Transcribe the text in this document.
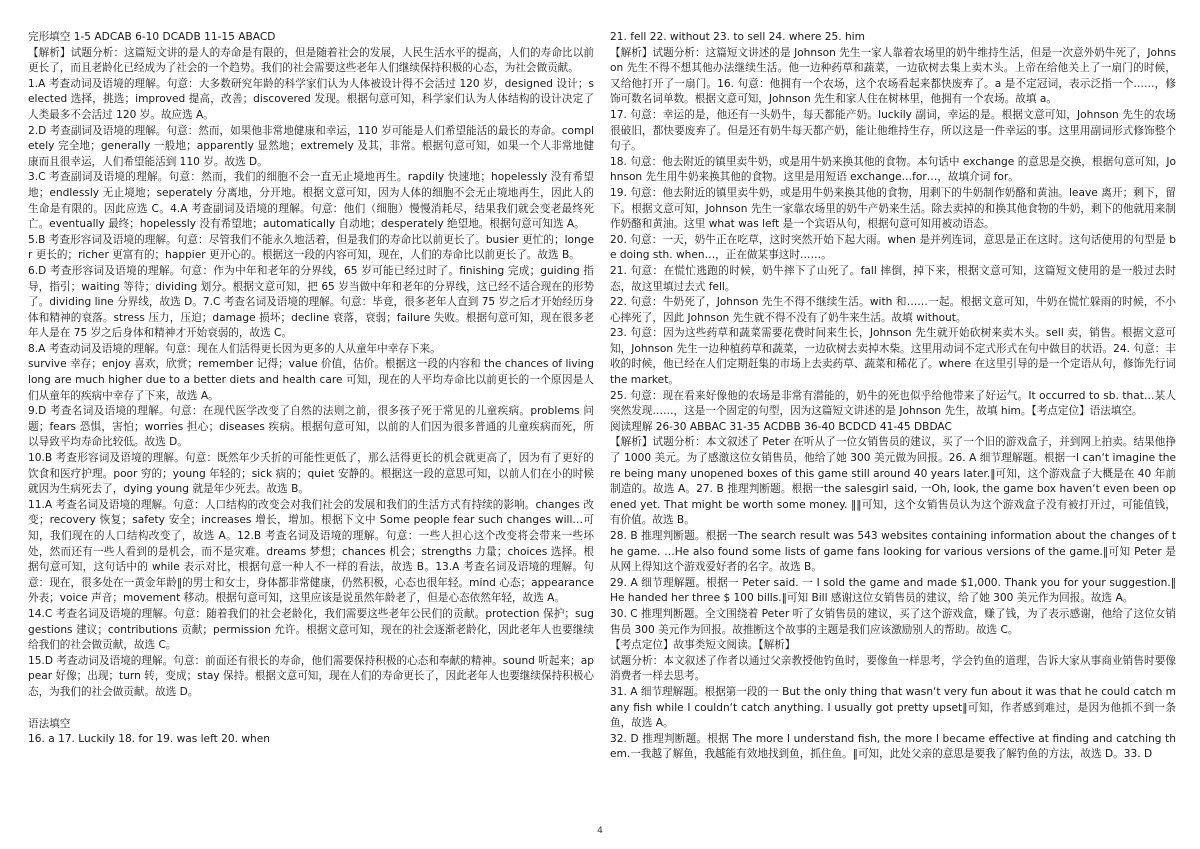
完形填空 1-5 ADCAB 6-10 DCADB 11-15 ABACD

【解析】试题分析：这篇短文讲的是人的寿命是有限的，但是随着社会的发展，人民生活水平的提高，人们的寿命比以前更长了，而且老龄化已经成为了社会的一个趋势。我们的社会需要这些老年人们继续保持积极的心态，为社会做贡献。

1.A 考查动词及语境的理解。句意：大多数研究年龄的科学家们认为人体被设计得不会活过 120 岁，designed 设计；selected 选择，挑选；improved 提高，改善；discovered 发现。根据句意可知，科学家们认为人体结构的设计决定了人类最多不会活过 120 岁。故应选 A。

2.D 考查副词及语境的理解。句意：然而，如果他非常地健康和幸运，110 岁可能是人们希望能活的最长的寿命。completely 完全地；generally 一般地；apparently 显然地；extremely 及其，非常。根据句意可知，如果一个人非常地健康而且很幸运，人们希望能活到 110 岁。故选 D。

3.C 考查副词及语境的理解。句意：然而，我们的细胞不会一直无止境地再生。rapdily 快速地；hopelessly 没有希望地；endlessly 无止境地；seperately 分离地，分开地。根据文意可知，因为人体的细胞不会无止境地再生，因此人的生命是有限的。因此应选 C。4.A 考查副词及语境的理解。句意：他们（细胞）慢慢消耗尽，结果我们就会变老最终死亡。eventually 最终；hopelessly 没有希望地；automatically 自动地；desperately 绝望地。根据句意可知选 A。

5.B 考查形容词及语境的理解。句意：尽管我们不能永久地活着，但是我们的寿命比以前更长了。busier 更忙的；longer 更长的；richer 更富有的；happier 更开心的。根据这一段的内容可知，现在，人们的寿命比以前更长了。故选 B。

6.D 考查形容词及语境的理解。句意：作为中年和老年的分界线，65 岁可能已经过时了。finishing 完成；guiding 指导，指引；waiting 等待；dividing 划分。根据文意可知，把 65 岁当做中年和老年的分界线，这已经不适合现在的形势了。dividing line 分界线，故选 D。7.C 考查名词及语境的理解。句意：毕竟，很多老年人直到 75 岁之后才开始经历身体和精神的衰落。stress 压力，压迫；damage 损坏；decline 衰落，衰弱；failure 失败。根据句意可知，现在很多老年人是在 75 岁之后身体和精神才开始衰弱的，故选 C。

8.A 考查动词及语境的理解。句意：现在人们活得更长因为更多的人从童年中幸存下来。

survive 幸存；enjoy 喜欢，欣赏；remember 记得；value 价值，估价。根据这一段的内容和 the chances of living long are much higher due to a better diets and health care 可知，现在的人平均寿命比以前更长的一个原因是人们从童年的疾病中幸存了下来，故选 A。

9.D 考查名词及语境的理解。句意：在现代医学改变了自然的法则之前，很多孩子死于常见的儿童疾病。problems 问题；fears 恐惧，害怕；worries 担心；diseases 疾病。根据句意可知，以前的人们因为很多普通的儿童疾病而死，所以导致平均寿命比较低。故选 D。

10.B 考查形容词及语境的理解。句意：既然年少夭折的可能性更低了，那么活得更长的机会就更高了，因为有了更好的饮食和医疗护理。poor 穷的；young 年轻的；sick 病的；quiet 安静的。根据这一段的意思可知，以前人们在小的时候就因为生病死去了，dying young 就是年少死去。故选 B。

11.A 考查名词及语境的理解。句意：人口结构的改变会对我们社会的发展和我们的生活方式有持续的影响。changes 改变；recovery 恢复；safety 安全；increases 增长，增加。根据下文中 Some people fear such changes will…可知，我们现在的人口结构改变了，故选 A。12.B 考查名词及语境的理解。句意：一些人担心这个改变将会带来一些坏处，然而还有一些人看到的是机会，而不是灾难。dreams 梦想；chances 机会；strengths 力量；choices 选择。根据句意可知，这句话中的 while 表示对比，根据句意一种人不一样的看法，故选 B。13.A 考查名词及语境的理解。句意：现在，很多处在一黄金年龄‖的男士和女士，身体都非常健康，仍然积极，心态也很年轻。mind 心态；appearance 外表；voice 声音；movement 移动。根据句意可知，这里应该是说虽然年龄老了，但是心态依然年轻，故选 A。

14.C 考查名词及语境的理解。句意：随着我们的社会老龄化，我们需要这些老年公民们的贡献。protection 保护；suggestions 建议；contributions 贡献；permission 允许。根据文意可知，现在的社会逐渐老龄化，因此老年人也要继续给我们的社会做贡献，故选 C。

15.D 考查动词及语境的理解。句意：前面还有很长的寿命，他们需要保持积极的心态和奉献的精神。sound 听起来；appear 好像；出现；turn 转，变成；stay 保持。根据文意可知，现在人们的寿命更长了，因此老年人也要继续保持积极心态，为我们的社会做贡献。故选 D。

语法填空

16. a 17. Luckily 18. for 19. was left 20. when

21. fell 22. without 23. to sell 24. where 25. him

【解析】试题分析：这篇短文讲述的是 Johnson 先生一家人靠着农场里的奶牛维持生活，但是一次意外奶牛死了，Johnson 先生不得不想其他办法继续生活。他一边种药草和蔬菜，一边砍树去集上卖木头。上帝在给他关上了一扇门的时候，又给他打开了一扇门。16. 句意：他拥有一个农场，这个农场看起来都快废弃了。a 是不定冠词，表示泛指一个……，修饰可数名词单数。根据文意可知，Johnson 先生和家人住在树林里，他拥有一个农场。故填 a。

17. 句意：幸运的是，他还有一头奶牛，每天都能产奶。luckily 副词，幸运的是。根据文意可知，Johnson 先生的农场很破旧，都快要废弃了。但是还有奶牛每天都产奶，能让他维持生存，所以这是一件幸运的事。这里用副词形式修饰整个句子。

18. 句意：他去附近的镇里卖牛奶，或是用牛奶来换其他的食物。本句话中 exchange 的意思是交换，根据句意可知，Johnson 先生用牛奶来换其他的食物。这里是用短语 exchange…for…，故填介词 for。

19. 句意：他去附近的镇里卖牛奶，或是用牛奶来换其他的食物，用剩下的牛奶制作奶酪和黄油。leave 离开；剩下，留下。根据文意可知，Johnson 先生一家靠农场里的奶牛产奶来生活。除去卖掉的和换其他食物的牛奶，剩下的他就用来制作奶酪和黄油。这里 what was left 是一个宾语从句，根据句意可知用被动语态。

20. 句意：一天，奶牛正在吃草，这时突然开始下起大雨。when 是并列连词，意思是正在这时。这句话使用的句型是 be doing sth. when…，正在做某事这时……。

21. 句意：在慌忙逃跑的时候，奶牛摔下了山死了。fall 摔倒，掉下来，根据文意可知，这篇短文使用的是一般过去时态，故这里填过去式 fell。

22. 句意：牛奶死了，Johnson 先生不得不继续生活。with 和……一起。根据文意可知，牛奶在慌忙躲雨的时候，不小心摔死了，因此 Johnson 先生就不得不没有了奶牛来生活。故填 without。

23. 句意：因为这些药草和蔬菜需要花费时间来生长，Johnson 先生就开始砍树来卖木头。sell 卖，销售。根据文意可知，Johnson 先生一边种植药草和蔬菜，一边砍树去卖掉木柴。这里用动词不定式形式在句中做目的状语。24. 句意：丰收的时候，他已经在人们定期赶集的市场上去卖药草、蔬菜和稀花了。where 在这里引导的是一个定语从句，修饰先行词 the market。

25. 句意：现在看来好像他的农场是非常有潜能的，奶牛的死也似乎给他带来了好运气。It occurred to sb. that…某人突然发现……，这是一个固定的句型，因为这篇短文讲述的是 Johnson 先生，故填 him。【考点定位】语法填空。

阅读理解 26-30 ABBAC 31-35 ACDBB 36-40 BCDCD 41-45 DBDAC

【解析】试题分析：本文叙述了 Peter 在听从了一位女销售员的建议，买了一个旧的游戏盒子，并到网上拍卖。结果他挣了 1000 美元。为了感激这位女销售员，他给了她 300 美元做为回报。26. A 细节理解题。根据一I can‘t imagine there being many unopened boxes of this game still around 40 years later.‖可知，这个游戏盒子大概是在 40 年前制造的。故选 A。27. B 推理判断题。根据一the salesgirl said, 一Oh, look, the game box haven‘t even been opened yet. That might be worth some money. ‖‖可知，这个女销售员认为这个游戏盒子没有被打开过，可能值钱，有价值。故选 B。

28. B 推理判断题。根据一The search result was 543 websites containing information about the changes of the game. …He also found some lists of game fans looking for various versions of the game.‖可知 Peter 是从网上得知这个游戏爱好者的名字。故选 B。

29. A 细节理解题。根据一 Peter said. 一 I sold the game and made $1,000. Thank you for your suggestion.‖ He handed her three $ 100 bills.‖可知 Bill 感谢这位女销售员的建议，给了她 300 美元作为回报。故选 A。

30. C 推理判断题。全文围绕着 Peter 听了女销售员的建议，买了这个游戏盒，赚了钱，为了表示感谢，他给了这位女销售员 300 美元作为回报。故推断这个故事的主题是我们应该激励别人的帮助。故选 C。

【考点定位】故事类短文阅读。【解析】

试题分析：本文叙述了作者以通过父亲教授他钓鱼时，要像鱼一样思考，学会钓鱼的道理，告诉大家从事商业销售时要像消费者一样去思考。

31. A 细节理解题。根据第一段的一 But the only thing that wasn‘t very fun about it was that he could catch many fish while I couldn‘t catch anything. I usually got pretty upset‖可知，作者感到难过，是因为他抓不到一条鱼，故选 A。

32. D 推理判断题。根据 The more I understand fish, the more I became effective at finding and catching them.一我越了解鱼，我越能有效地找到鱼，抓住鱼。‖可知，此处父亲的意思是要我了解钓鱼的方法，故选 D。33. D

4
